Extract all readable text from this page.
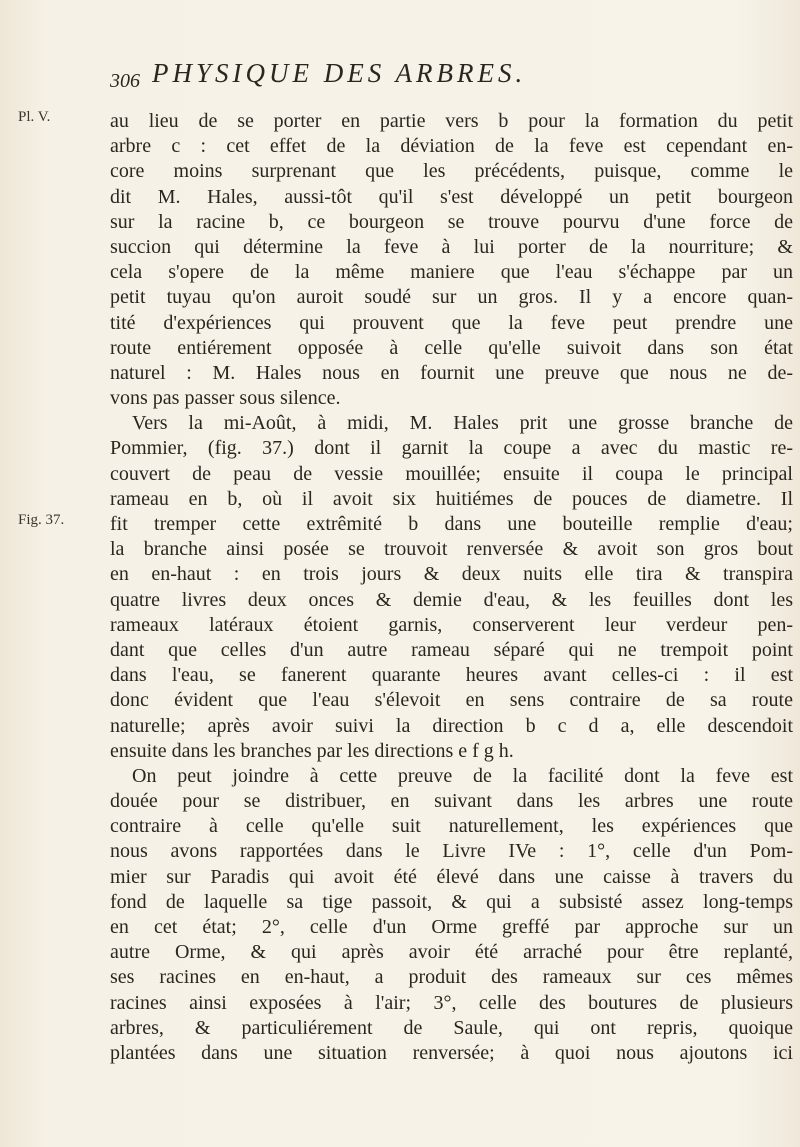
306 PHYSIQUE DES ARBRES.
Pl. V.
Fig. 37.
au lieu de se porter en partie vers b pour la formation du petit
arbre c : cet effet de la déviation de la feve est cependant en-
core moins surprenant que les précédents, puisque, comme le
dit M. Hales, aussi-tôt qu'il s'est développé un petit bourgeon
sur la racine b, ce bourgeon se trouve pourvu d'une force de
succion qui détermine la feve à lui porter de la nourriture; &
cela s'opere de la même maniere que l'eau s'échappe par un
petit tuyau qu'on auroit soudé sur un gros. Il y a encore quan-
tité d'expériences qui prouvent que la feve peut prendre une
route entiérement opposée à celle qu'elle suivoit dans son état
naturel : M. Hales nous en fournit une preuve que nous ne de-
vons pas passer sous silence.
Vers la mi-Août, à midi, M. Hales prit une grosse branche de
Pommier, (fig. 37.) dont il garnit la coupe a avec du mastic re-
couvert de peau de vessie mouillée; ensuite il coupa le principal
rameau en b, où il avoit six huitiémes de pouces de diametre. Il
fit tremper cette extrêmité b dans une bouteille remplie d'eau;
la branche ainsi posée se trouvoit renversée & avoit son gros bout
en en-haut : en trois jours & deux nuits elle tira & transpira
quatre livres deux onces & demie d'eau, & les feuilles dont les
rameaux latéraux étoient garnis, conserverent leur verdeur pen-
dant que celles d'un autre rameau séparé qui ne trempoit point
dans l'eau, se fanerent quarante heures avant celles-ci : il est
donc évident que l'eau s'élevoit en sens contraire de sa route
naturelle; après avoir suivi la direction b c d a, elle descendoit
ensuite dans les branches par les directions e f g h.
On peut joindre à cette preuve de la facilité dont la feve est
douée pour se distribuer, en suivant dans les arbres une route
contraire à celle qu'elle suit naturellement, les expériences que
nous avons rapportées dans le Livre IVe : 1°, celle d'un Pom-
mier sur Paradis qui avoit été élevé dans une caisse à travers du
fond de laquelle sa tige passoit, & qui a subsisté assez long-temps
en cet état; 2°, celle d'un Orme greffé par approche sur un
autre Orme, & qui après avoir été arraché pour être replanté,
ses racines en en-haut, a produit des rameaux sur ces mêmes
racines ainsi exposées à l'air; 3°, celle des boutures de plusieurs
arbres, & particuliérement de Saule, qui ont repris, quoique
plantées dans une situation renversée; à quoi nous ajoutons ici
